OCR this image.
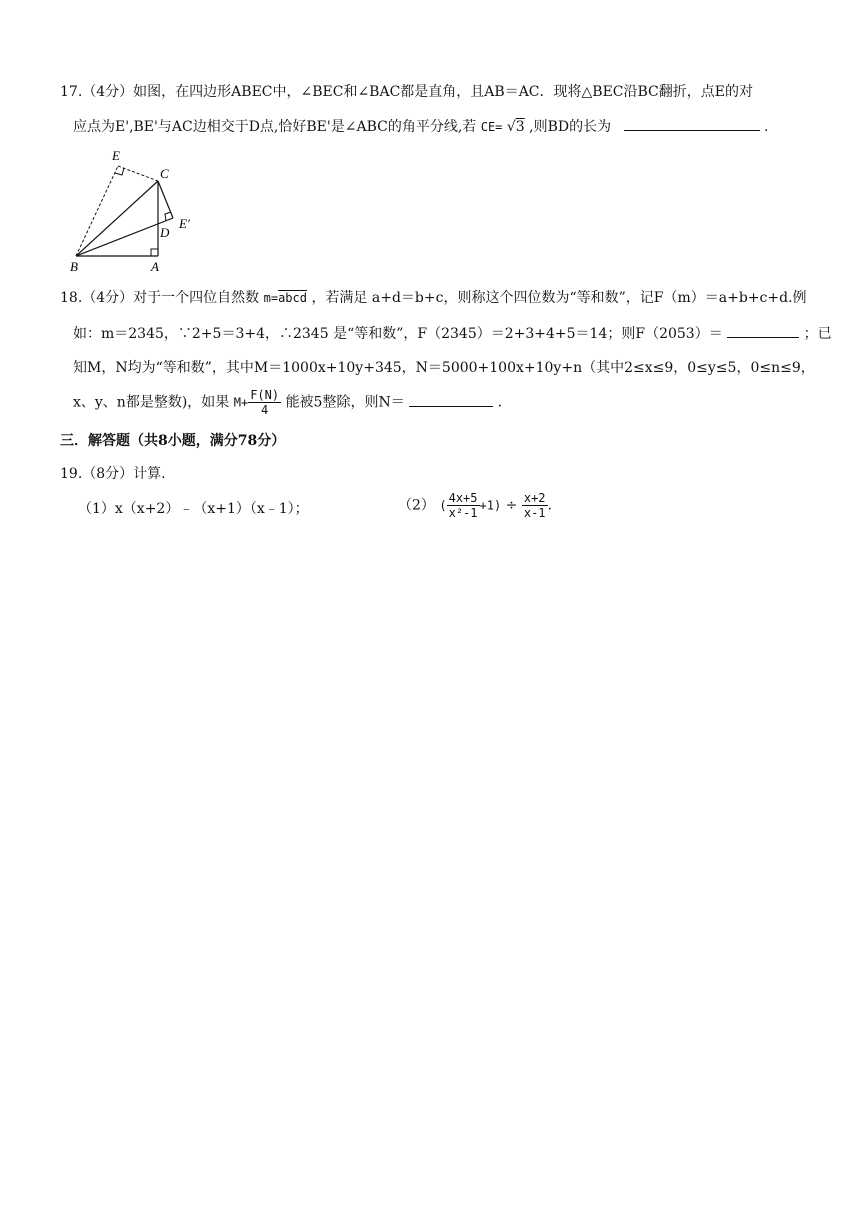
17.（4分）如图，在四边形ABEC中，∠BEC和∠BAC都是直角，且AB＝AC．现将△BEC沿BC翻折，点E的对
应点为E',BE'与AC边相交于D点,恰好BE'是∠ABC的角平分线,若 CE= √3 ,则BD的长为	.
E
C
E′
D
B	A
18.（4分）对于一个四位自然数 m=abcd ，若满足 a+d＝b+c，则称这个四位数为“等和数”，记F（m）＝a+b+c+d.例
如：m＝2345，∵2+5＝3+4，∴2345 是“等和数”，F（2345）＝2+3+4+5＝14；则F（2053）＝	；已
知M，N均为“等和数”，其中M＝1000x+10y+345，N＝5000+100x+10y+n（其中2≤x≤9，0≤y≤5，0≤n≤9，
x、y、n都是整数)，如果 $M+ \frac{F(N)}{4}$ 能被5整除，则N＝	．
三．解答题（共8小题，满分78分）
19.（8分）计算.
（1）x（x+2）﹣（x+1）（x﹣1）；	（2） ( $\frac{4x+5}{\text{x²-1}} +1) \div \frac{x+2}{x-1}$ .
